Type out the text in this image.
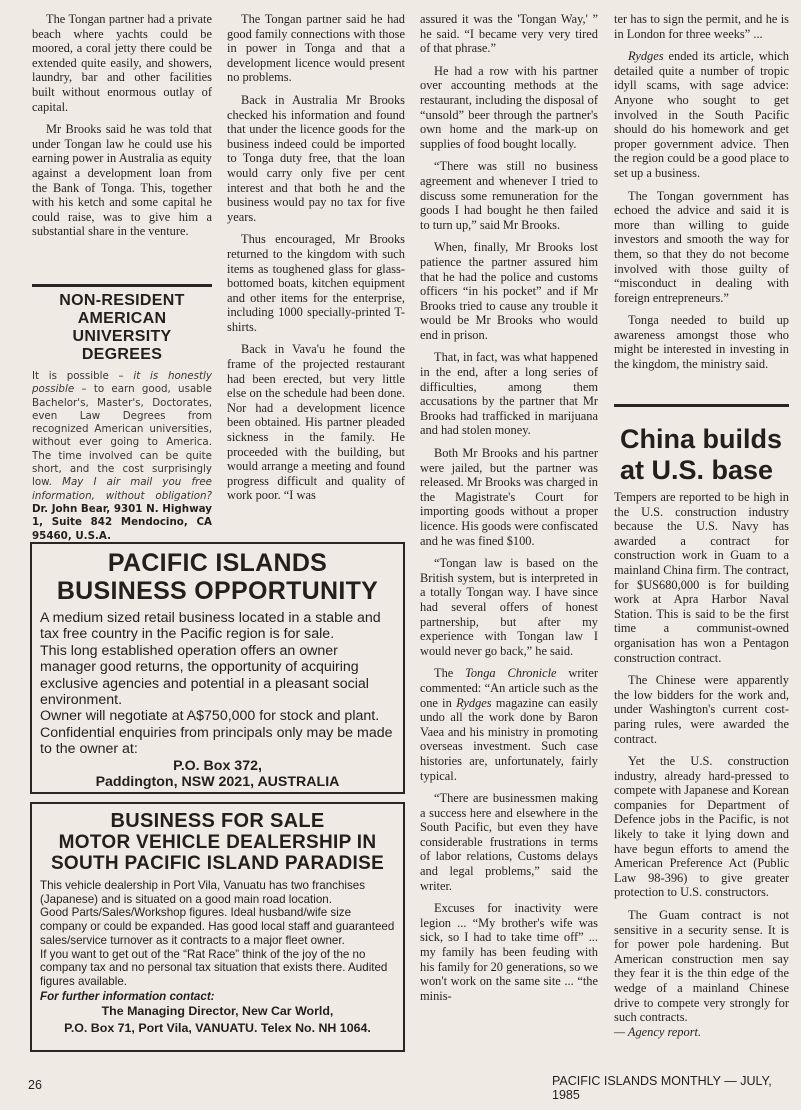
The Tongan partner had a private beach where yachts could be moored, a coral jetty there could be extended quite easily, and showers, laundry, bar and other facilities built without enormous outlay of capital.

Mr Brooks said he was told that under Tongan law he could use his earning power in Australia as equity against a development loan from the Bank of Tonga. This, together with his ketch and some capital he could raise, was to give him a substantial share in the venture.

NON-RESIDENT AMERICAN UNIVERSITY DEGREES

It is possible – it is honestly possible – to earn good, usable Bachelor's, Master's, Doctorates, even Law Degrees from recognized American universities, without ever going to America. The time involved can be quite short, and the cost surprisingly low. May I air mail you free information, without obligation? Dr. John Bear, 9301 N. Highway 1, Suite 842 Mendocino, CA 95460, U.S.A.

The Tongan partner said he had good family connections with those in power in Tonga and that a development licence would present no problems.

Back in Australia Mr Brooks checked his information and found that under the licence goods for the business indeed could be imported to Tonga duty free, that the loan would carry only five per cent interest and that both he and the business would pay no tax for five years.

Thus encouraged, Mr Brooks returned to the kingdom with such items as toughened glass for glass-bottomed boats, kitchen equipment and other items for the enterprise, including 1000 specially-printed T-shirts.

Back in Vava'u he found the frame of the projected restaurant had been erected, but very little else on the schedule had been done. Nor had a development licence been obtained. His partner pleaded sickness in the family. He proceeded with the building, but would arrange a meeting and found progress difficult and quality of work poor. “I was

PACIFIC ISLANDS
BUSINESS OPPORTUNITY

A medium sized retail business located in a stable and tax free country in the Pacific region is for sale.

This long established operation offers an owner manager good returns, the opportunity of acquiring exclusive agencies and potential in a pleasant social environment.

Owner will negotiate at A$750,000 for stock and plant.

Confidential enquiries from principals only may be made to the owner at:

P.O. Box 372,

Paddington, NSW 2021, AUSTRALIA

BUSINESS FOR SALE
MOTOR VEHICLE DEALERSHIP IN
SOUTH PACIFIC ISLAND PARADISE

This vehicle dealership in Port Vila, Vanuatu has two franchises (Japanese) and is situated on a good main road location.

Good Parts/Sales/Workshop figures. Ideal husband/wife size company or could be expanded. Has good local staff and guaranteed sales/service turnover as it contracts to a major fleet owner.

If you want to get out of the “Rat Race” think of the joy of the no company tax and no personal tax situation that exists there. Audited figures available.

For further information contact:

The Managing Director, New Car World,

P.O. Box 71, Port Vila, VANUATU. Telex No. NH 1064.

assured it was the 'Tongan Way,' ” he said. “I became very very tired of that phrase.”

He had a row with his partner over accounting methods at the restaurant, including the disposal of “unsold” beer through the partner's own home and the mark-up on supplies of food bought locally.

“There was still no business agreement and whenever I tried to discuss some remuneration for the goods I had bought he then failed to turn up,” said Mr Brooks.

When, finally, Mr Brooks lost patience the partner assured him that he had the police and customs officers “in his pocket” and if Mr Brooks tried to cause any trouble it would be Mr Brooks who would end in prison.

That, in fact, was what happened in the end, after a long series of difficulties, among them accusations by the partner that Mr Brooks had trafficked in marijuana and had stolen money.

Both Mr Brooks and his partner were jailed, but the partner was released. Mr Brooks was charged in the Magistrate's Court for importing goods without a proper licence. His goods were confiscated and he was fined $100.

“Tongan law is based on the British system, but is interpreted in a totally Tongan way. I have since had several offers of honest partnership, but after my experience with Tongan law I would never go back,” he said.

The Tonga Chronicle writer commented: “An article such as the one in Rydges magazine can easily undo all the work done by Baron Vaea and his ministry in promoting overseas investment. Such case histories are, unfortunately, fairly typical.

“There are businessmen making a success here and elsewhere in the South Pacific, but even they have considerable frustrations in terms of labor relations, Customs delays and legal problems,” said the writer.

Excuses for inactivity were legion ... “My brother's wife was sick, so I had to take time off” ... my family has been feuding with his family for 20 generations, so we won't work on the same site ... “the minis-

ter has to sign the permit, and he is in London for three weeks” ...

Rydges ended its article, which detailed quite a number of tropic idyll scams, with sage advice: Anyone who sought to get involved in the South Pacific should do his homework and get proper government advice. Then the region could be a good place to set up a business.

The Tongan government has echoed the advice and said it is more than willing to guide investors and smooth the way for them, so that they do not become involved with those guilty of “misconduct in dealing with foreign entrepreneurs.”

Tonga needed to build up awareness amongst those who might be interested in investing in the kingdom, the ministry said.

China builds
at U.S. base

Tempers are reported to be high in the U.S. construction industry because the U.S. Navy has awarded a contract for construction work in Guam to a mainland China firm. The contract, for $US680,000 is for building work at Apra Harbor Naval Station. This is said to be the first time a communist-owned organisation has won a Pentagon construction contract.

The Chinese were apparently the low bidders for the work and, under Washington's current cost-paring rules, were awarded the contract.

Yet the U.S. construction industry, already hard-pressed to compete with Japanese and Korean companies for Department of Defence jobs in the Pacific, is not likely to take it lying down and have begun efforts to amend the American Preference Act (Public Law 98-396) to give greater protection to U.S. constructors.

The Guam contract is not sensitive in a security sense. It is for power pole hardening. But American construction men say they fear it is the thin edge of the wedge of a mainland Chinese drive to compete very strongly for such contracts.

— Agency report.

26	PACIFIC ISLANDS MONTHLY — JULY, 1985
